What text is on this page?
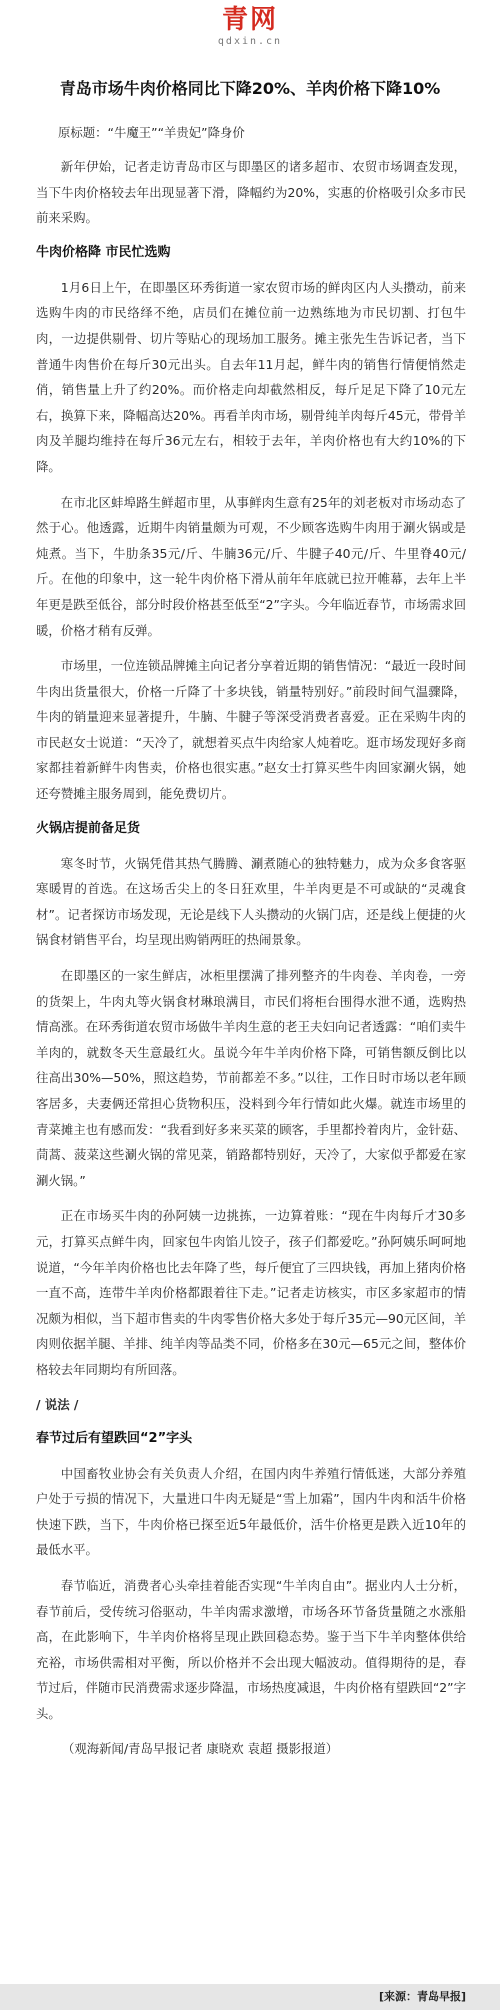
青网
qdxin.cn
青岛市场牛肉价格同比下降20%、羊肉价格下降10%
原标题：“牛魔王”“羊贵妃”降身价

新年伊始，记者走访青岛市区与即墨区的诸多超市、农贸市场调查发现，当下牛肉价格较去年出现显著下滑，降幅约为20%，实惠的价格吸引众多市民前来采购。

牛肉价格降 市民忙选购

1月6日上午，在即墨区环秀街道一家农贸市场的鲜肉区内人头攒动，前来选购牛肉的市民络绎不绝，店员们在摊位前一边熟练地为市民切割、打包牛肉，一边提供剔骨、切片等贴心的现场加工服务。摊主张先生告诉记者，当下普通牛肉售价在每斤30元出头。自去年11月起，鲜牛肉的销售行情便悄然走俏，销售量上升了约20%。而价格走向却截然相反，每斤足足下降了10元左右，换算下来，降幅高达20%。再看羊肉市场，剔骨纯羊肉每斤45元，带骨羊肉及羊腿均维持在每斤36元左右，相较于去年，羊肉价格也有大约10%的下降。

在市北区蚌埠路生鲜超市里，从事鲜肉生意有25年的刘老板对市场动态了然于心。他透露，近期牛肉销量颇为可观，不少顾客选购牛肉用于涮火锅或是炖煮。当下，牛肋条35元/斤、牛腩36元/斤、牛腱子40元/斤、牛里脊40元/斤。在他的印象中，这一轮牛肉价格下滑从前年年底就已拉开帷幕，去年上半年更是跌至低谷，部分时段价格甚至低至“2”字头。今年临近春节，市场需求回暖，价格才稍有反弹。

市场里，一位连锁品牌摊主向记者分享着近期的销售情况：“最近一段时间牛肉出货量很大，价格一斤降了十多块钱，销量特别好。”前段时间气温骤降，牛肉的销量迎来显著提升，牛腩、牛腱子等深受消费者喜爱。正在采购牛肉的市民赵女士说道：“天冷了，就想着买点牛肉给家人炖着吃。逛市场发现好多商家都挂着新鲜牛肉售卖，价格也很实惠。”赵女士打算买些牛肉回家涮火锅，她还夸赞摊主服务周到，能免费切片。

火锅店提前备足货

寒冬时节，火锅凭借其热气腾腾、涮煮随心的独特魅力，成为众多食客驱寒暖胃的首选。在这场舌尖上的冬日狂欢里，牛羊肉更是不可或缺的“灵魂食材”。记者探访市场发现，无论是线下人头攒动的火锅门店，还是线上便捷的火锅食材销售平台，均呈现出购销两旺的热闹景象。

在即墨区的一家生鲜店，冰柜里摆满了排列整齐的牛肉卷、羊肉卷，一旁的货架上，牛肉丸等火锅食材琳琅满目，市民们将柜台围得水泄不通，选购热情高涨。在环秀街道农贸市场做牛羊肉生意的老王夫妇向记者透露：“咱们卖牛羊肉的，就数冬天生意最红火。虽说今年牛羊肉价格下降，可销售额反倒比以往高出30%—50%，照这趋势，节前都差不多。”以往，工作日时市场以老年顾客居多，夫妻俩还常担心货物积压，没料到今年行情如此火爆。就连市场里的青菜摊主也有感而发：“我看到好多来买菜的顾客，手里都拎着肉片，金针菇、茼蒿、菠菜这些涮火锅的常见菜，销路都特别好，天冷了，大家似乎都爱在家涮火锅。”

正在市场买牛肉的孙阿姨一边挑拣，一边算着账：“现在牛肉每斤才30多元，打算买点鲜牛肉，回家包牛肉馅儿饺子，孩子们都爱吃。”孙阿姨乐呵呵地说道，“今年羊肉价格也比去年降了些，每斤便宜了三四块钱，再加上猪肉价格一直不高，连带牛羊肉价格都跟着往下走。”记者走访核实，市区多家超市的情况颇为相似，当下超市售卖的牛肉零售价格大多处于每斤35元—90元区间，羊肉则依据羊腿、羊排、纯羊肉等品类不同，价格多在30元—65元之间，整体价格较去年同期均有所回落。

/ 说法 /
春节过后有望跌回“2”字头

中国畜牧业协会有关负责人介绍，在国内肉牛养殖行情低迷，大部分养殖户处于亏损的情况下，大量进口牛肉无疑是“雪上加霜”，国内牛肉和活牛价格快速下跌，当下，牛肉价格已探至近5年最低价，活牛价格更是跌入近10年的最低水平。

春节临近，消费者心头牵挂着能否实现“牛羊肉自由”。据业内人士分析，春节前后，受传统习俗驱动，牛羊肉需求激增，市场各环节备货量随之水涨船高，在此影响下，牛羊肉价格将呈现止跌回稳态势。鉴于当下牛羊肉整体供给充裕，市场供需相对平衡，所以价格并不会出现大幅波动。值得期待的是，春节过后，伴随市民消费需求逐步降温，市场热度减退，牛肉价格有望跌回“2”字头。

（观海新闻/青岛早报记者 康晓欢 袁超 摄影报道）
[来源：青岛早报]
